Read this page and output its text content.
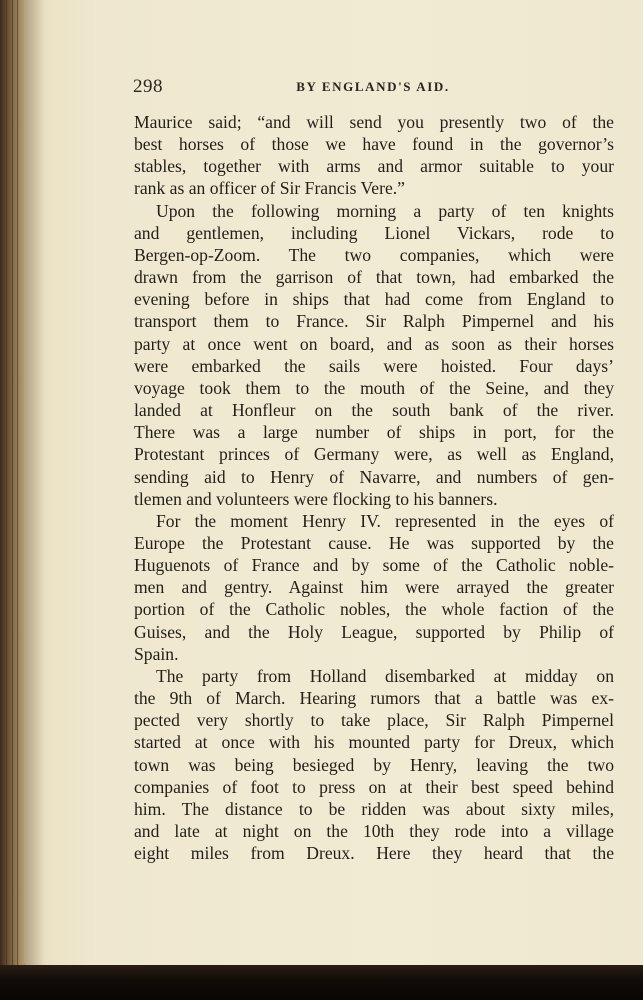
298	BY ENGLAND'S AID.
Maurice said; “and will send you presently two of the
best horses of those we have found in the governor’s
stables, together with arms and armor suitable to your
rank as an officer of Sir Francis Vere.”
Upon the following morning a party of ten knights
and gentlemen, including Lionel Vickars, rode to
Bergen-op-Zoom. The two companies, which were
drawn from the garrison of that town, had embarked the
evening before in ships that had come from England to
transport them to France. Sir Ralph Pimpernel and his
party at once went on board, and as soon as their horses
were embarked the sails were hoisted. Four days’
voyage took them to the mouth of the Seine, and they
landed at Honfleur on the south bank of the river.
There was a large number of ships in port, for the
Protestant princes of Germany were, as well as England,
sending aid to Henry of Navarre, and numbers of gen-
tlemen and volunteers were flocking to his banners.
For the moment Henry IV. represented in the eyes of
Europe the Protestant cause. He was supported by the
Huguenots of France and by some of the Catholic noble-
men and gentry. Against him were arrayed the greater
portion of the Catholic nobles, the whole faction of the
Guises, and the Holy League, supported by Philip of
Spain.
The party from Holland disembarked at midday on
the 9th of March. Hearing rumors that a battle was ex-
pected very shortly to take place, Sir Ralph Pimpernel
started at once with his mounted party for Dreux, which
town was being besieged by Henry, leaving the two
companies of foot to press on at their best speed behind
him. The distance to be ridden was about sixty miles,
and late at night on the 10th they rode into a village
eight miles from Dreux. Here they heard that the
